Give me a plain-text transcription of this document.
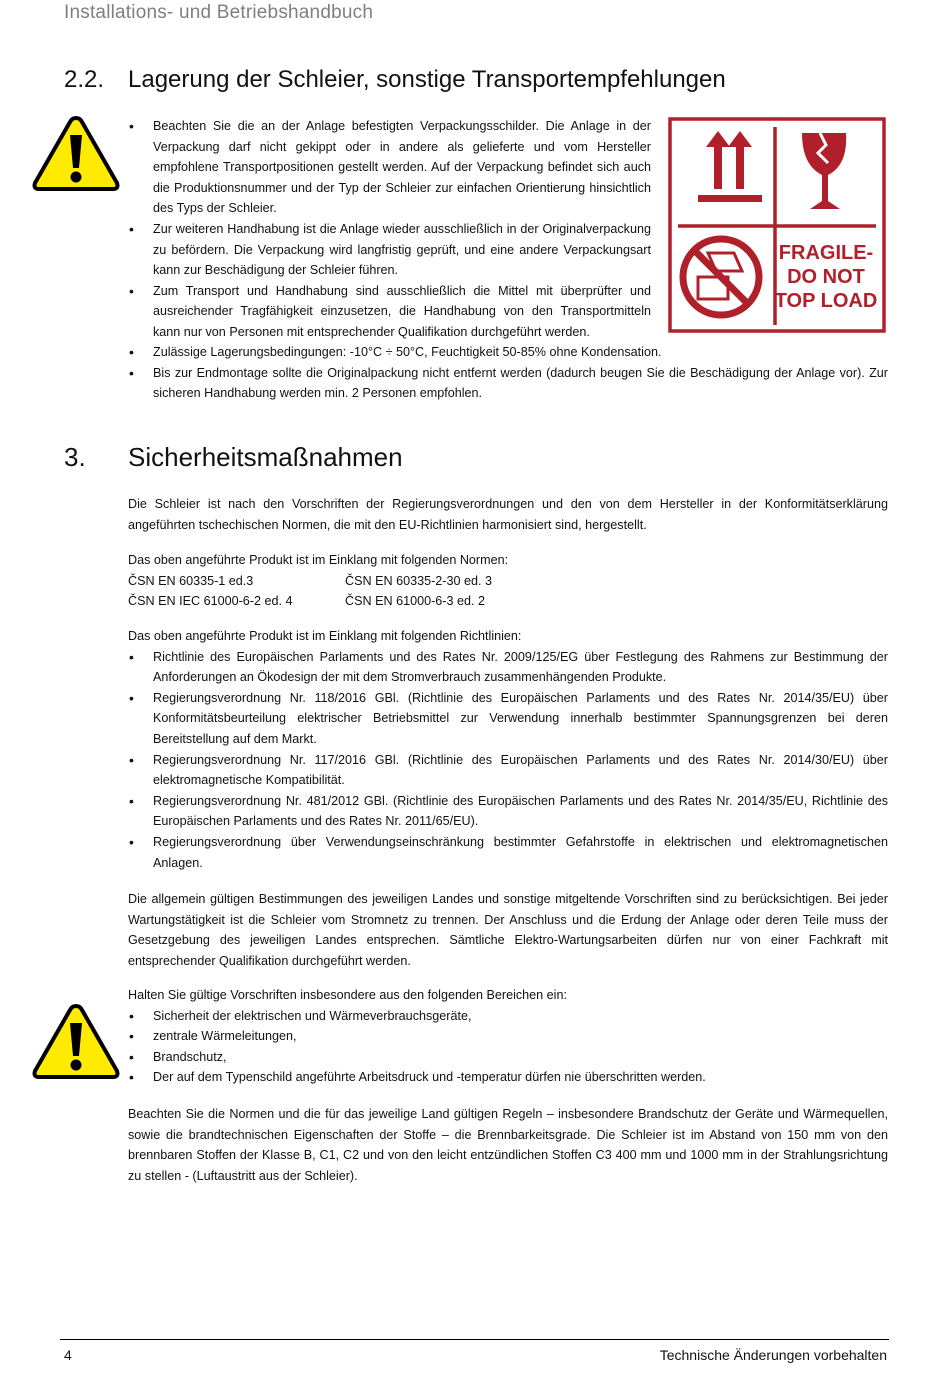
Installations- und Betriebshandbuch
2.2. Lagerung der Schleier, sonstige Transportempfehlungen
• Beachten Sie die an der Anlage befestigten Verpackungsschilder. Die Anlage in der Verpackung darf nicht gekippt oder in andere als gelieferte und vom Hersteller empfohlene Transportpositionen gestellt werden. Auf der Verpackung befindet sich auch die Produktionsnummer und der Typ der Schleier zur einfachen Orientierung hinsichtlich des Typs der Schleier.
• Zur weiteren Handhabung ist die Anlage wieder ausschließlich in der Originalverpackung zu befördern. Die Verpackung wird langfristig geprüft, und eine andere Verpackungsart kann zur Beschädigung der Schleier führen.
• Zum Transport und Handhabung sind ausschließlich die Mittel mit überprüfter und ausreichender Tragfähigkeit einzusetzen, die Handhabung von den Transportmitteln kann nur von Personen mit entsprechender Qualifikation durchgeführt werden.
FRAGILE-
DO NOT
TOP LOAD
• Zulässige Lagerungsbedingungen: -10°C ÷ 50°C, Feuchtigkeit 50-85% ohne Kondensation.
• Bis zur Endmontage sollte die Originalpackung nicht entfernt werden (dadurch beugen Sie die Beschädigung der Anlage vor). Zur sicheren Handhabung werden min. 2 Personen empfohlen.
3. Sicherheitsmaßnahmen
Die Schleier ist nach den Vorschriften der Regierungsverordnungen und den von dem Hersteller in der Konformitätserklärung angeführten tschechischen Normen, die mit den EU-Richtlinien harmonisiert sind, hergestellt.
Das oben angeführte Produkt ist im Einklang mit folgenden Normen:
ČSN EN 60335-1 ed.3	ČSN EN 60335-2-30 ed. 3
ČSN EN IEC 61000-6-2 ed. 4	ČSN EN 61000-6-3 ed. 2
Das oben angeführte Produkt ist im Einklang mit folgenden Richtlinien:
• Richtlinie des Europäischen Parlaments und des Rates Nr. 2009/125/EG über Festlegung des Rahmens zur Bestimmung der Anforderungen an Ökodesign der mit dem Stromverbrauch zusammenhängenden Produkte.
• Regierungsverordnung Nr. 118/2016 GBl. (Richtlinie des Europäischen Parlaments und des Rates Nr. 2014/35/EU) über Konformitätsbeurteilung elektrischer Betriebsmittel zur Verwendung innerhalb bestimmter Spannungsgrenzen bei deren Bereitstellung auf dem Markt.
• Regierungsverordnung Nr. 117/2016 GBl. (Richtlinie des Europäischen Parlaments und des Rates Nr. 2014/30/EU) über elektromagnetische Kompatibilität.
• Regierungsverordnung Nr. 481/2012 GBl. (Richtlinie des Europäischen Parlaments und des Rates Nr. 2014/35/EU, Richtlinie des Europäischen Parlaments und des Rates Nr. 2011/65/EU).
• Regierungsverordnung über Verwendungseinschränkung bestimmter Gefahrstoffe in elektrischen und elektromagnetischen Anlagen.
Die allgemein gültigen Bestimmungen des jeweiligen Landes und sonstige mitgeltende Vorschriften sind zu berücksichtigen. Bei jeder Wartungstätigkeit ist die Schleier vom Stromnetz zu trennen. Der Anschluss und die Erdung der Anlage oder deren Teile muss der Gesetzgebung des jeweiligen Landes entsprechen. Sämtliche Elektro-Wartungsarbeiten dürfen nur von einer Fachkraft mit entsprechender Qualifikation durchgeführt werden.
Halten Sie gültige Vorschriften insbesondere aus den folgenden Bereichen ein:
• Sicherheit der elektrischen und Wärmeverbrauchsgeräte,
• zentrale Wärmeleitungen,
• Brandschutz,
• Der auf dem Typenschild angeführte Arbeitsdruck und -temperatur dürfen nie überschritten werden.
Beachten Sie die Normen und die für das jeweilige Land gültigen Regeln – insbesondere Brandschutz der Geräte und Wärmequellen, sowie die brandtechnischen Eigenschaften der Stoffe – die Brennbarkeitsgrade. Die Schleier ist im Abstand von 150 mm von den brennbaren Stoffen der Klasse B, C1, C2 und von den leicht entzündlichen Stoffen C3 400 mm und 1000 mm in der Strahlungsrichtung zu stellen - (Luftaustritt aus der Schleier).
4	Technische Änderungen vorbehalten
